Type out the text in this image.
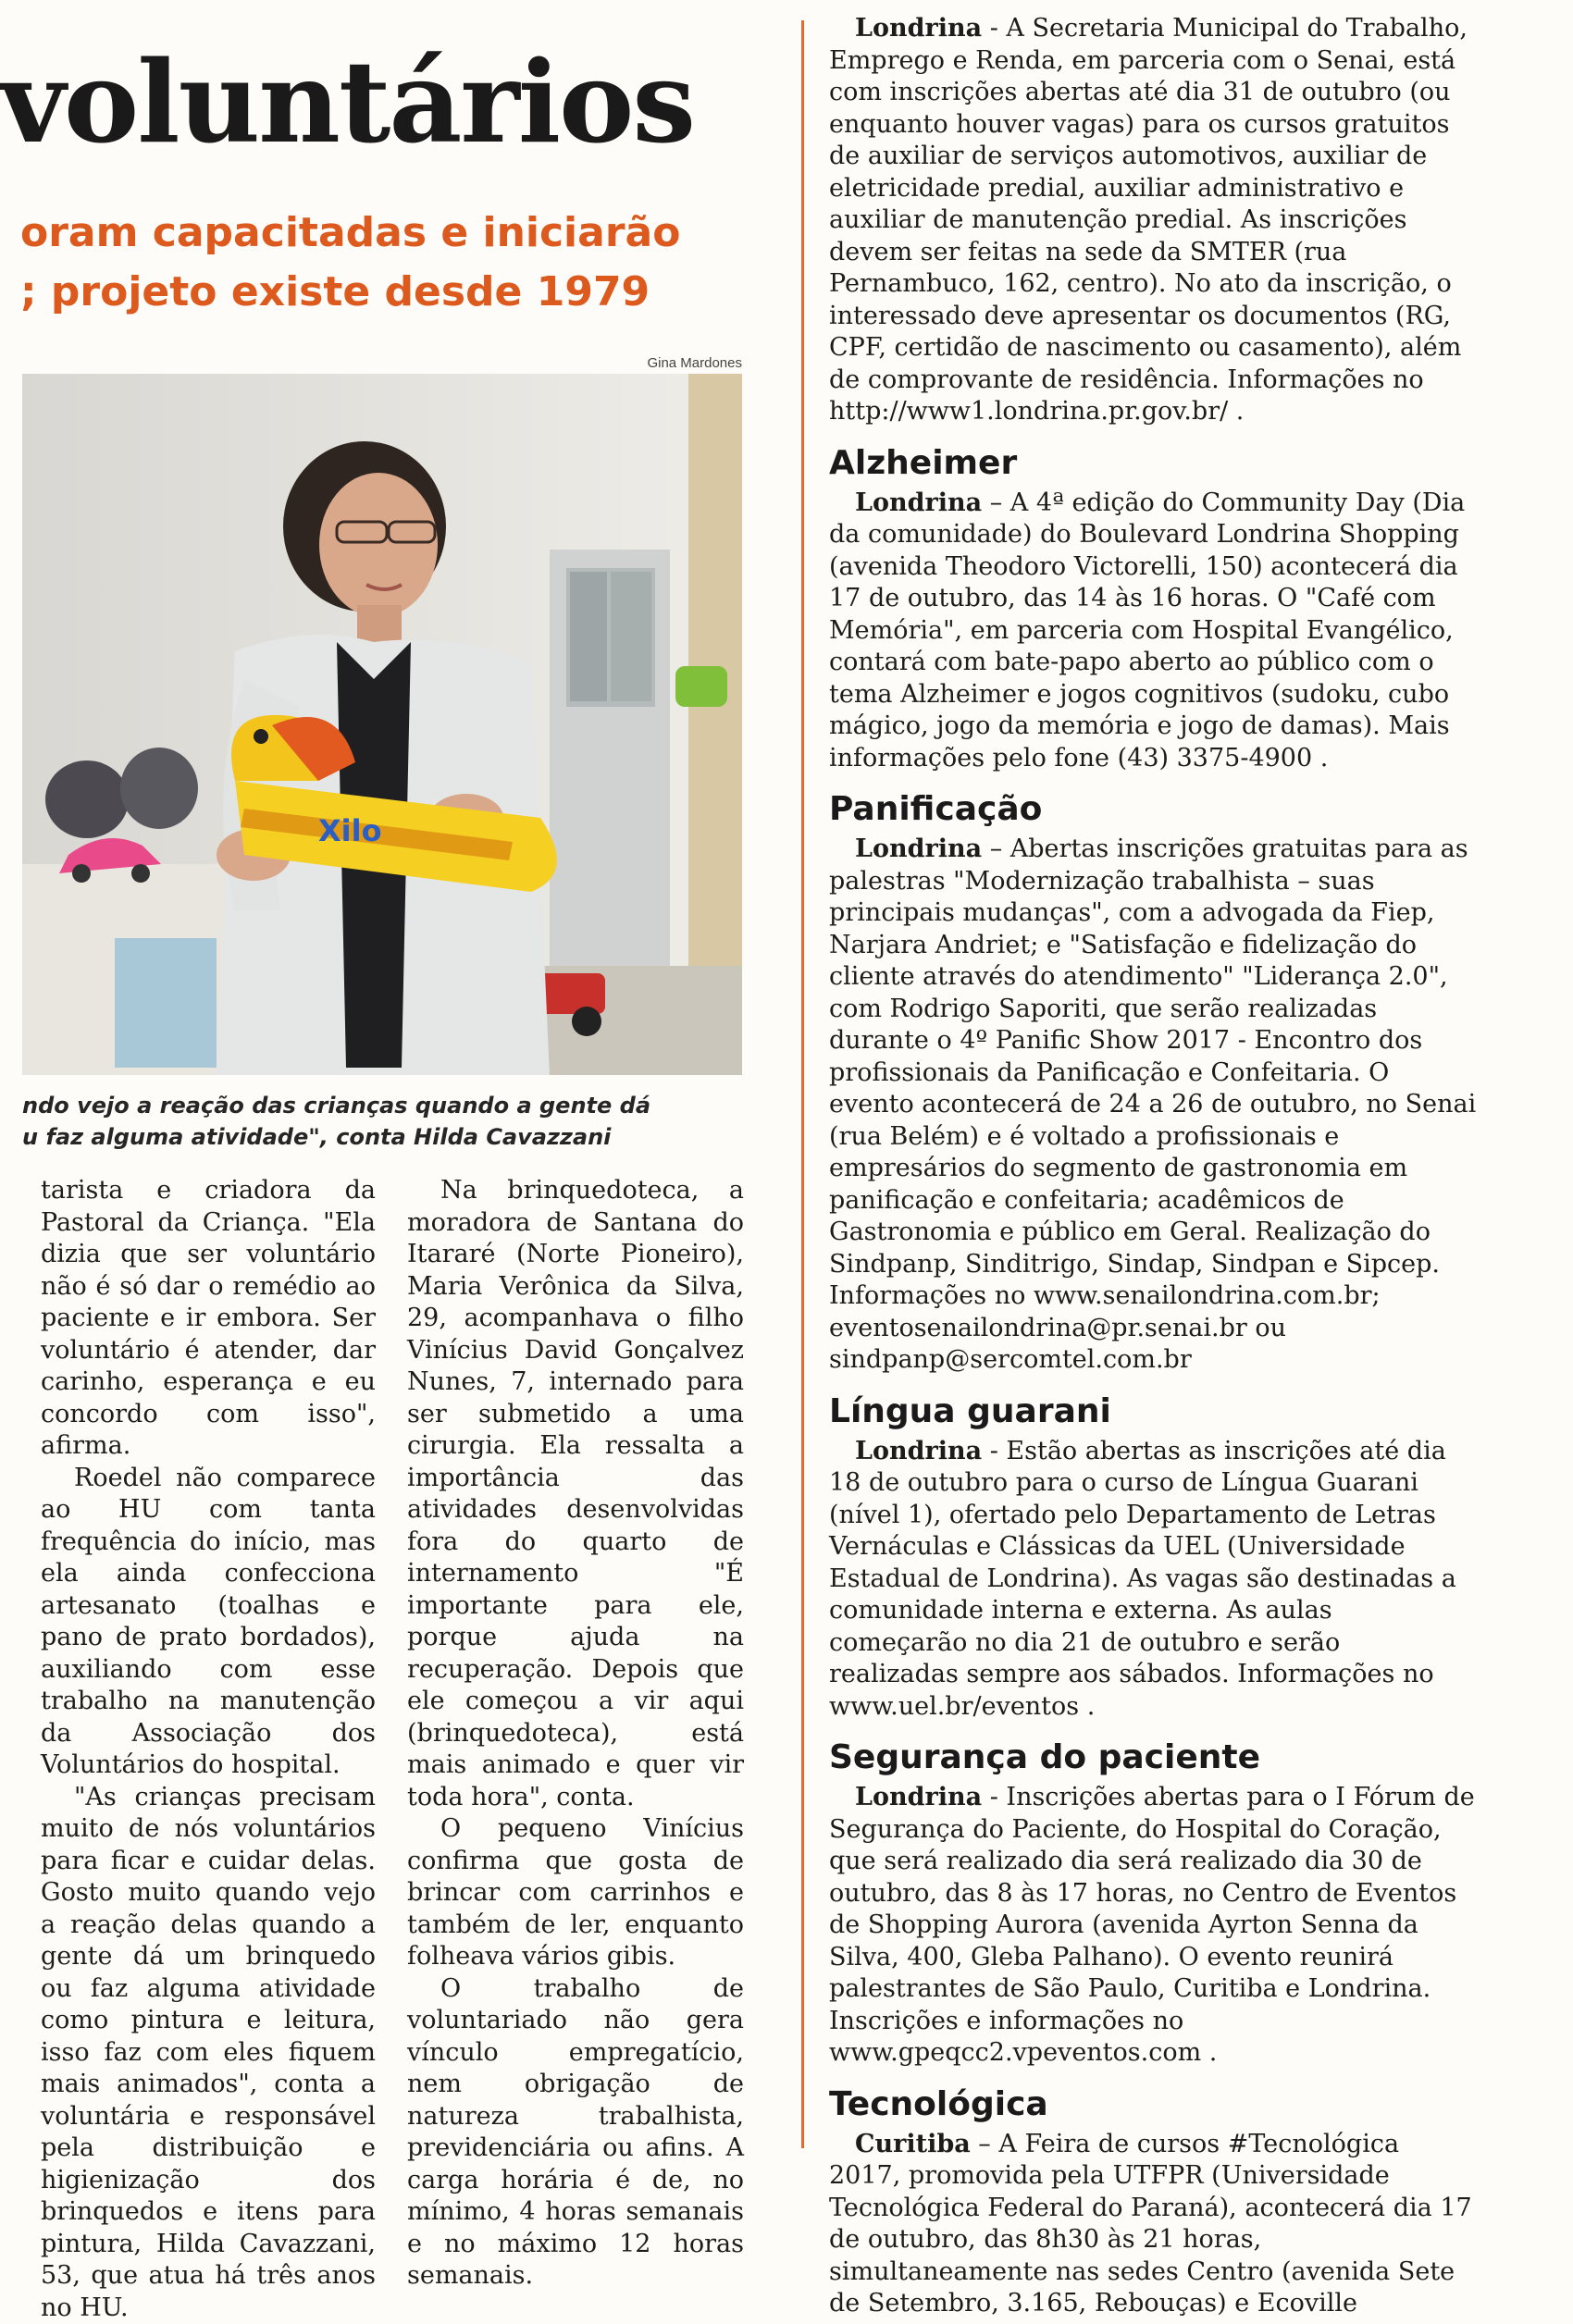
voluntários
oram capacitadas e iniciarão
; projeto existe desde 1979
Gina Mardones
Xilo
ndo vejo a reação das crianças quando a gente dá
u faz alguma atividade", conta Hilda Cavazzani

tarista e criadora da Pastoral da Criança. "Ela dizia que ser voluntário não é só dar o remédio ao paciente e ir embora. Ser voluntário é atender, dar carinho, esperança e eu concordo com isso", afirma.

Roedel não comparece ao HU com tanta frequência do início, mas ela ainda confecciona artesanato (toalhas e pano de prato bordados), auxiliando com esse trabalho na manutenção da Associação dos Voluntários do hospital.

"As crianças precisam muito de nós voluntários para ficar e cuidar delas. Gosto muito quando vejo a reação delas quando a gente dá um brinquedo ou faz alguma atividade como pintura e leitura, isso faz com eles fiquem mais animados", conta a voluntária e responsável pela distribuição e higienização dos brinquedos e itens para pintura, Hilda Cavazzani, 53, que atua há três anos no HU.

Na brinquedoteca, a moradora de Santana do Itararé (Norte Pioneiro), Maria Verônica da Silva, 29, acompanhava o filho Vinícius David Gonçalvez Nunes, 7, internado para ser submetido a uma cirurgia. Ela ressalta a importância das atividades desenvolvidas fora do quarto de internamento "É importante para ele, porque ajuda na recuperação. Depois que ele começou a vir aqui (brinquedoteca), está mais animado e quer vir toda hora", conta.

O pequeno Vinícius confirma que gosta de brincar com carrinhos e também de ler, enquanto folheava vários gibis.

O trabalho de voluntariado não gera vínculo empregatício, nem obrigação de natureza trabalhista, previdenciária ou afins. A carga horária é de, no mínimo, 4 horas semanais e no máximo 12 horas semanais.

Londrina - A Secretaria Municipal do Trabalho, Emprego e Renda, em parceria com o Senai, está com inscrições abertas até dia 31 de outubro (ou enquanto houver vagas) para os cursos gratuitos de auxiliar de serviços automotivos, auxiliar de eletricidade predial, auxiliar administrativo e auxiliar de manutenção predial. As inscrições devem ser feitas na sede da SMTER (rua Pernambuco, 162, centro). No ato da inscrição, o interessado deve apresentar os documentos (RG, CPF, certidão de nascimento ou casamento), além de comprovante de residência. Informações no http://www1.londrina.pr.gov.br/ .

Alzheimer

Londrina – A 4ª edição do Community Day (Dia da comunidade) do Boulevard Londrina Shopping (avenida Theodoro Victorelli, 150) acontecerá dia 17 de outubro, das 14 às 16 horas. O "Café com Memória", em parceria com Hospital Evangélico, contará com bate-papo aberto ao público com o tema Alzheimer e jogos cognitivos (sudoku, cubo mágico, jogo da memória e jogo de damas). Mais informações pelo fone (43) 3375-4900 .

Panificação

Londrina – Abertas inscrições gratuitas para as palestras "Modernização trabalhista – suas principais mudanças", com a advogada da Fiep, Narjara Andriet; e "Satisfação e fidelização do cliente através do atendimento" "Liderança 2.0", com Rodrigo Saporiti, que serão realizadas durante o 4º Panific Show 2017 - Encontro dos profissionais da Panificação e Confeitaria. O evento acontecerá de 24 a 26 de outubro, no Senai (rua Belém) e é voltado a profissionais e empresários do segmento de gastronomia em panificação e confeitaria; acadêmicos de Gastronomia e público em Geral. Realização do Sindpanp, Sinditrigo, Sindap, Sindpan e Sipcep. Informações no www.senailondrina.com.br; eventosenailondrina@pr.senai.br ou sindpanp@sercomtel.com.br

Língua guarani

Londrina - Estão abertas as inscrições até dia 18 de outubro para o curso de Língua Guarani (nível 1), ofertado pelo Departamento de Letras Vernáculas e Clássicas da UEL (Universidade Estadual de Londrina). As vagas são destinadas a comunidade interna e externa. As aulas começarão no dia 21 de outubro e serão realizadas sempre aos sábados. Informações no www.uel.br/eventos .

Segurança do paciente

Londrina - Inscrições abertas para o I Fórum de Segurança do Paciente, do Hospital do Coração, que será realizado dia será realizado dia 30 de outubro, das 8 às 17 horas, no Centro de Eventos de Shopping Aurora (avenida Ayrton Senna da Silva, 400, Gleba Palhano). O evento reunirá palestrantes de São Paulo, Curitiba e Londrina. Inscrições e informações no www.gpeqcc2.vpeventos.com .

Tecnológica

Curitiba – A Feira de cursos #Tecnológica 2017, promovida pela UTFPR (Universidade Tecnológica Federal do Paraná), acontecerá dia 17 de outubro, das 8h30 às 21 horas, simultaneamente nas sedes Centro (avenida Sete de Setembro, 3.165, Rebouças) e Ecoville
